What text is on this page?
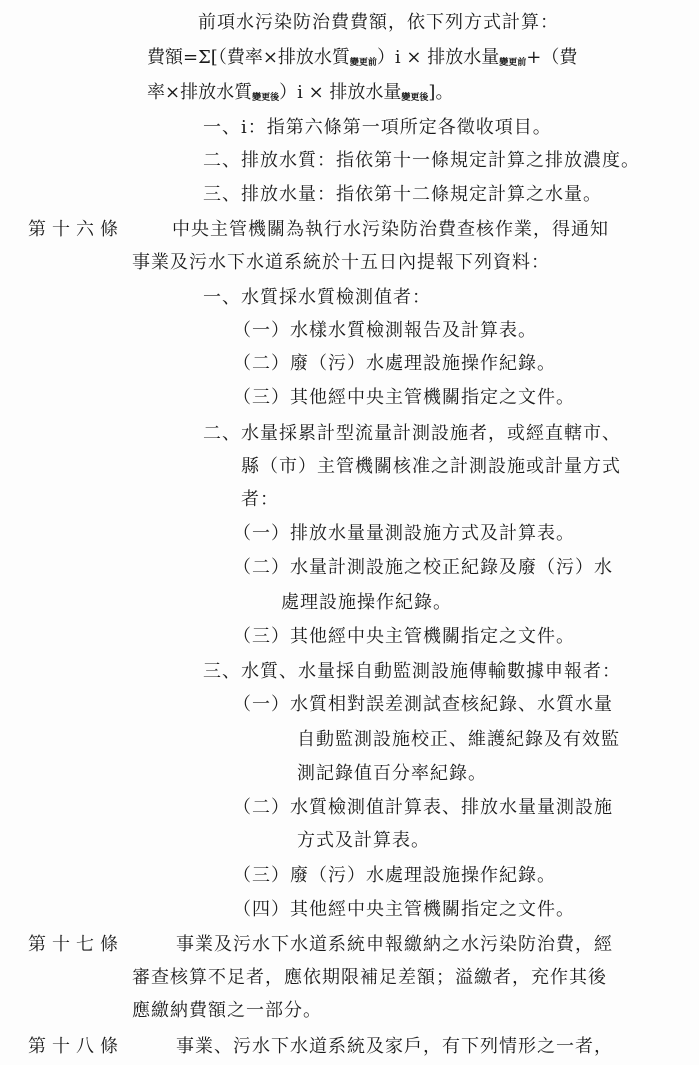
前項水污染防治費費額，依下列方式計算：
費額=Σ[（費率×排放水質$_{變更前}$）i × 排放水量$_{變更前}$+（費
率×排放水質$_{變更後}$）i × 排放水量$_{變更後}$]。
一、i：指第六條第一項所定各徵收項目。
二、排放水質：指依第十一條規定計算之排放濃度。
三、排放水量：指依第十二條規定計算之水量。
第十六條	中央主管機關為執行水污染防治費查核作業，得通知
事業及污水下水道系統於十五日內提報下列資料：
一、水質採水質檢測值者：
（一）水樣水質檢測報告及計算表。
（二）廢（污）水處理設施操作紀錄。
（三）其他經中央主管機關指定之文件。
二、水量採累計型流量計測設施者，或經直轄市、
縣（市）主管機關核准之計測設施或計量方式
者：
（一）排放水量量測設施方式及計算表。
（二）水量計測設施之校正紀錄及廢（污）水
處理設施操作紀錄。
（三）其他經中央主管機關指定之文件。
三、水質、水量採自動監測設施傳輸數據申報者：
（一）水質相對誤差測試查核紀錄、水質水量
自動監測設施校正、維護紀錄及有效監
測記錄值百分率紀錄。
（二）水質檢測值計算表、排放水量量測設施
方式及計算表。
（三）廢（污）水處理設施操作紀錄。
（四）其他經中央主管機關指定之文件。
第十七條	事業及污水下水道系統申報繳納之水污染防治費，經
審查核算不足者，應依期限補足差額；溢繳者，充作其後
應繳納費額之一部分。
第十八條	事業、污水下水道系統及家戶，有下列情形之一者，
